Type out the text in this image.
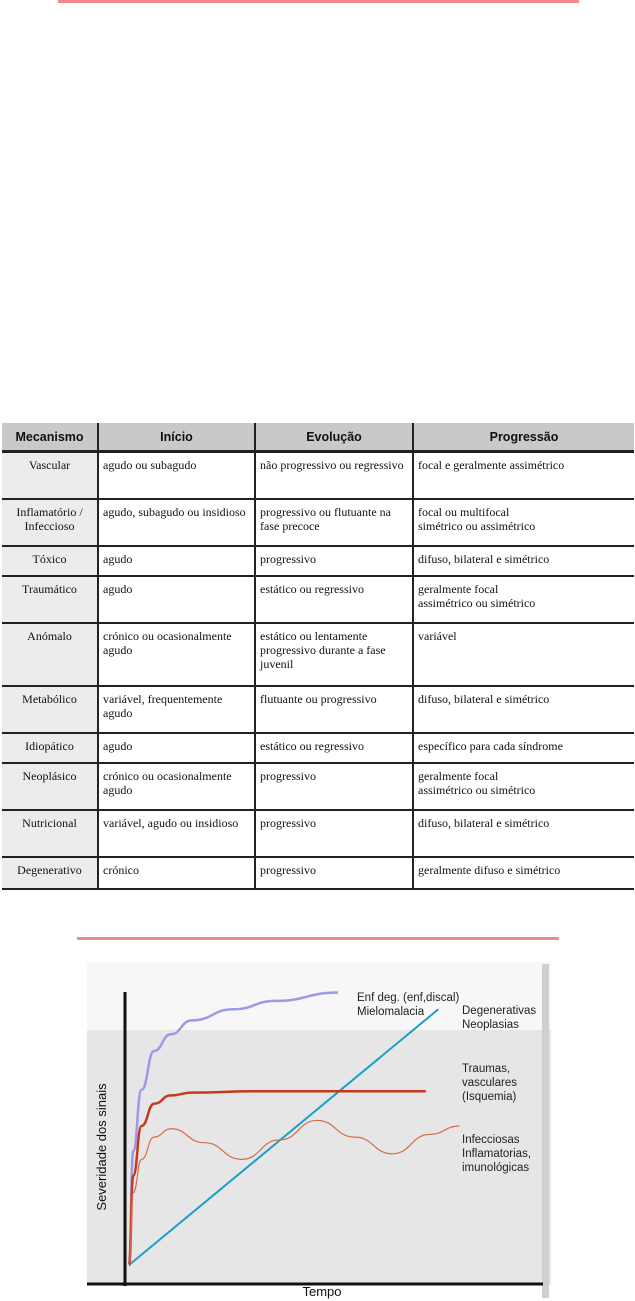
Mecanismo	Início	Evolução	Progressão
Vascular	agudo ou subagudo	não progressivo ou regressivo	focal e geralmente assimétrico
Inflamatório / Infeccioso	agudo, subagudo ou insidioso	progressivo ou flutuante na fase precoce	focal ou multifocal
simétrico ou assimétrico
Tóxico	agudo	progressivo	difuso, bilateral e simétrico
Traumático	agudo	estático ou regressivo	geralmente focal
assimétrico ou simétrico
Anómalo	crónico ou ocasionalmente agudo	estático ou lentamente progressivo durante a fase juvenil	variável
Metabólico	variável, frequentemente agudo	flutuante ou progressivo	difuso, bilateral e simétrico
Idiopático	agudo	estático ou regressivo	específico para cada síndrome
Neoplásico	crónico ou ocasionalmente agudo	progressivo	geralmente focal
assimétrico ou simétrico
Nutricional	variável, agudo ou insidioso	progressivo	difuso, bilateral e simétrico
Degenerativo	crónico	progressivo	geralmente difuso e simétrico
Enf deg. (enf,discal) Mielomalacia	Degenerativas Neoplasias
Traumas, vasculares (Isquemia)
Infecciosas Inflamatorias, imunológicas
Tempo
Severidade dos sinais
